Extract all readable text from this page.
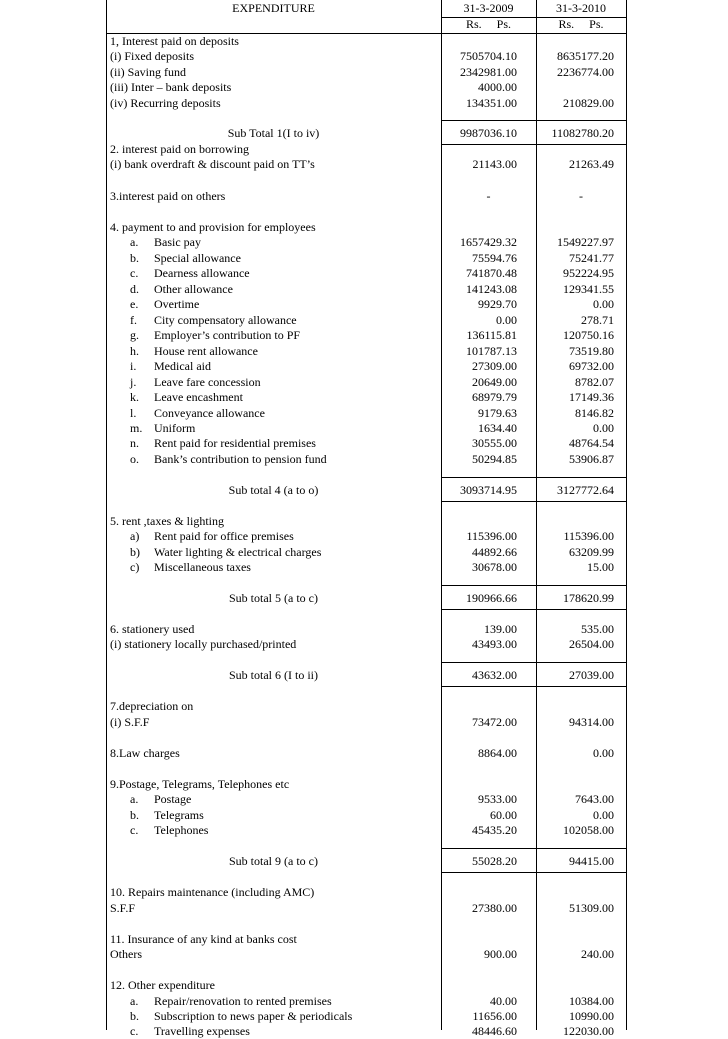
EXPENDITURE	31-3-2009	31-3-2010
Rs.     Ps.	Rs.     Ps.
1, Interest paid on deposits
(i) Fixed deposits	7505704.10	8635177.20
(ii) Saving fund	2342981.00	2236774.00
(iii) Inter – bank deposits	4000.00
(iv) Recurring deposits	134351.00	210829.00
Sub Total 1(I to iv)	9987036.10	11082780.20
2. interest paid on borrowing
(i) bank overdraft & discount paid on TT’s	21143.00	21263.49
3.interest paid on others	-	-
4. payment to and provision for employees
a. Basic pay	1657429.32	1549227.97
b. Special allowance	75594.76	75241.77
c. Dearness allowance	741870.48	952224.95
d. Other allowance	141243.08	129341.55
e. Overtime	9929.70	0.00
f. City compensatory allowance	0.00	278.71
g. Employer’s contribution to PF	136115.81	120750.16
h. House rent allowance	101787.13	73519.80
i. Medical aid	27309.00	69732.00
j. Leave fare concession	20649.00	8782.07
k. Leave encashment	68979.79	17149.36
l. Conveyance allowance	9179.63	8146.82
m. Uniform	1634.40	0.00
n. Rent paid for residential premises	30555.00	48764.54
o. Bank’s contribution to pension fund	50294.85	53906.87
Sub total 4 (a to o)	3093714.95	3127772.64
5. rent ,taxes & lighting
a) Rent paid for office premises	115396.00	115396.00
b) Water lighting & electrical charges	44892.66	63209.99
c) Miscellaneous taxes	30678.00	15.00
Sub total 5 (a to c)	190966.66	178620.99
6. stationery used	139.00	535.00
(i) stationery locally purchased/printed	43493.00	26504.00
Sub total 6 (I to ii)	43632.00	27039.00
7.depreciation on
(i) S.F.F	73472.00	94314.00
8.Law charges	8864.00	0.00
9.Postage, Telegrams, Telephones etc
a. Postage	9533.00	7643.00
b. Telegrams	60.00	0.00
c. Telephones	45435.20	102058.00
Sub total 9 (a to c)	55028.20	94415.00
10. Repairs maintenance (including AMC)
S.F.F	27380.00	51309.00
11. Insurance of any kind at banks cost
Others	900.00	240.00
12. Other expenditure
a. Repair/renovation to rented premises	40.00	10384.00
b. Subscription to news paper & periodicals	11656.00	10990.00
c. Travelling expenses	48446.60	122030.00
